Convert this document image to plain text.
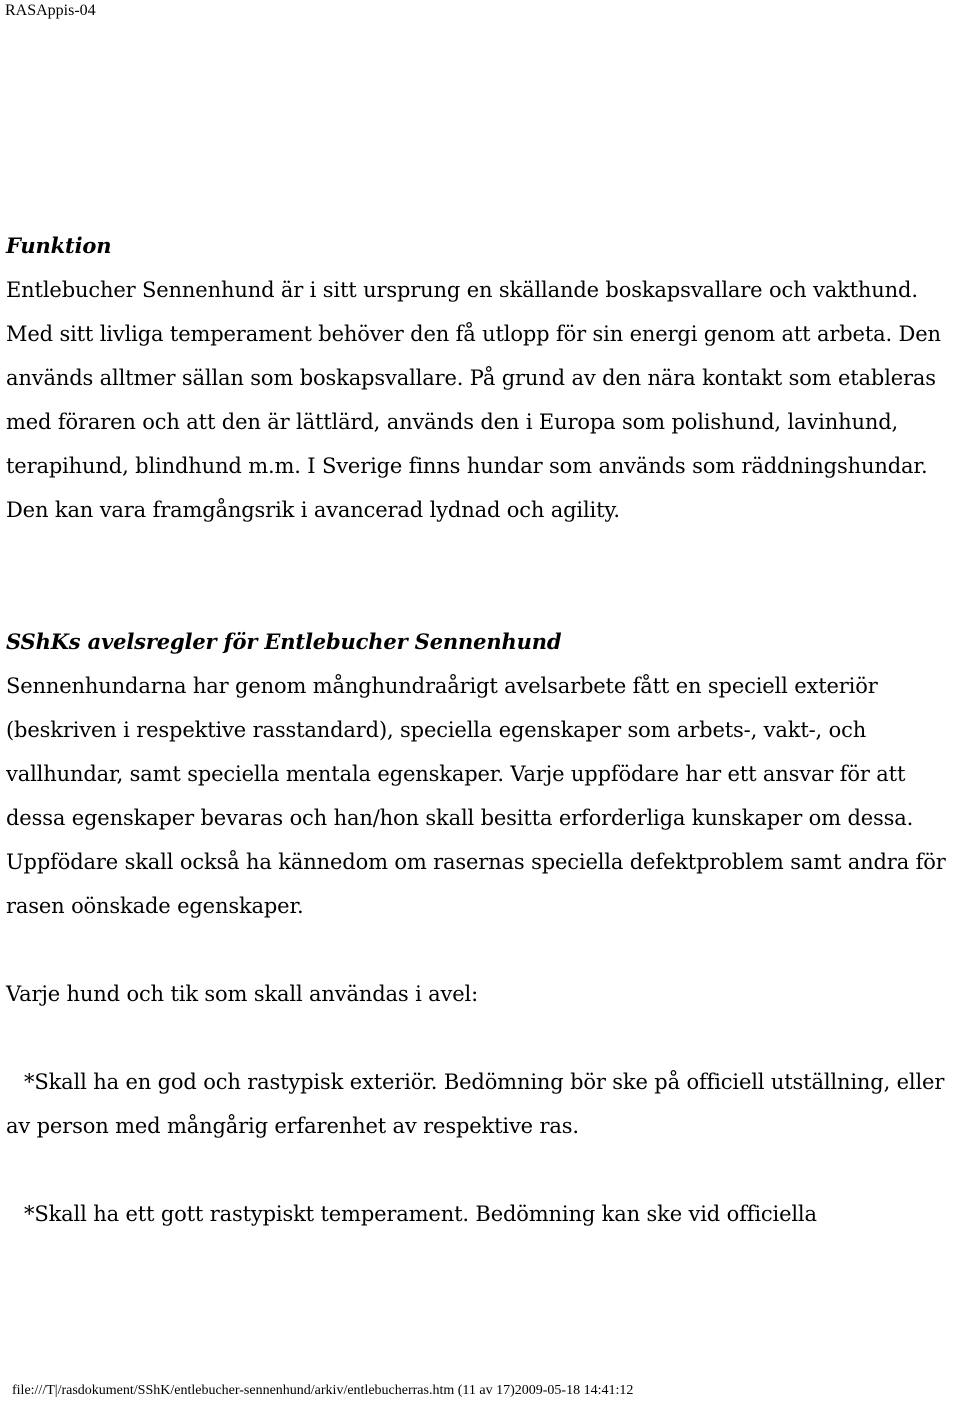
RASAppis-04

Funktion

Entlebucher Sennenhund är i sitt ursprung en skällande boskapsvallare och vakthund. Med sitt livliga temperament behöver den få utlopp för sin energi genom att arbeta. Den används alltmer sällan som boskapsvallare. På grund av den nära kontakt som etableras med föraren och att den är lättlärd, används den i Europa som polishund, lavinhund, terapihund, blindhund m.m. I Sverige finns hundar som används som räddningshundar. Den kan vara framgångsrik i avancerad lydnad och agility.

SShKs avelsregler för Entlebucher Sennenhund

Sennenhundarna har genom månghundraårigt avelsarbete fått en speciell exteriör (beskriven i respektive rasstandard), speciella egenskaper som arbets-, vakt-, och vallhundar, samt speciella mentala egenskaper. Varje uppfödare har ett ansvar för att dessa egenskaper bevaras och han/hon skall besitta erforderliga kunskaper om dessa.

Uppfödare skall också ha kännedom om rasernas speciella defektproblem samt andra för rasen oönskade egenskaper.

Varje hund och tik som skall användas i avel:

*Skall ha en god och rastypisk exteriör. Bedömning bör ske på officiell utställning, eller av person med mångårig erfarenhet av respektive ras.

*Skall ha ett gott rastypiskt temperament. Bedömning kan ske vid officiella

file:///T|/rasdokument/SShK/entlebucher-sennenhund/arkiv/entlebucherras.htm (11 av 17)2009-05-18 14:41:12
